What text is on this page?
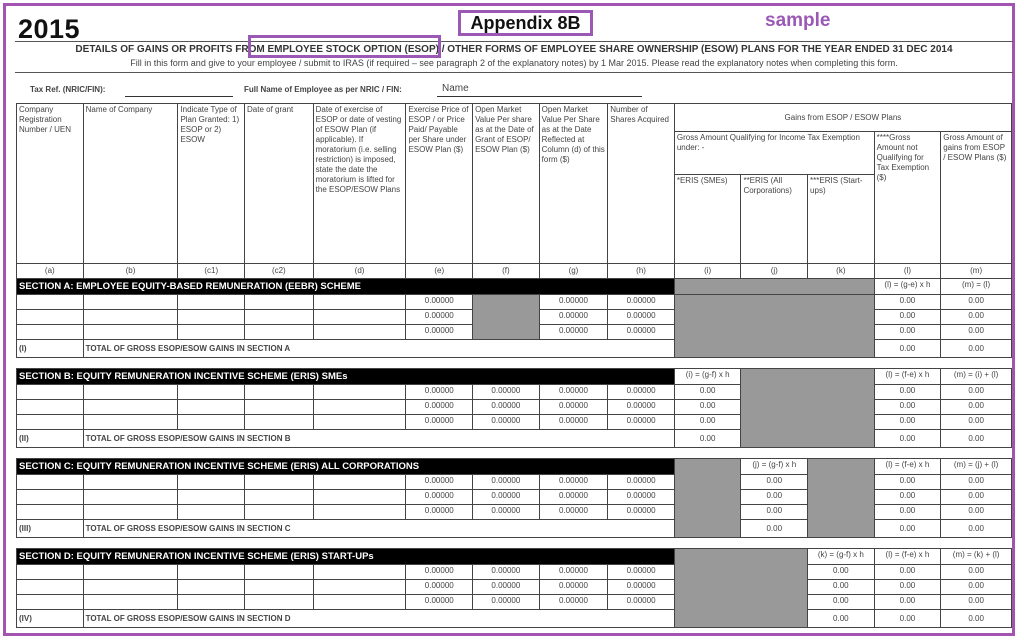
2015	Appendix 8B	sample
DETAILS OF GAINS OR PROFITS FROM EMPLOYEE STOCK OPTION (ESOP) / OTHER FORMS OF EMPLOYEE SHARE OWNERSHIP (ESOW) PLANS FOR THE YEAR ENDED 31 DEC 2014
Fill in this form and give to your employee / submit to IRAS (if required – see paragraph 2 of the explanatory notes) by 1 Mar 2015. Please read the explanatory notes when completing this form.
Tax Ref. (NRIC/FIN):	Full Name of Employee as per NRIC / FIN:	Name
Company Registration Number / UEN	Name of Company	Indicate Type of Plan Granted: 1) ESOP or 2) ESOW	Date of grant	Date of exercise of ESOP or date of vesting of ESOW Plan (if applicable). If moratorium (i.e. selling restriction) is imposed, state the date the moratorium is lifted for the ESOP/ESOW Plans	Exercise Price of ESOP / or Price Paid/ Payable per Share under ESOW Plan ($)	Open Market Value Per share as at the Date of Grant of ESOP/ ESOW Plan ($)	Open Market Value Per Share as at the Date Reflected at Column (d) of this form ($)	Number of Shares Acquired	Gains from ESOP / ESOW Plans				
									Gross Amount Qualifying for Income Tax Exemption under: -			****Gross Amount not Qualifying for Tax Exemption ($)	Gross Amount of gains from ESOP / ESOW Plans ($)
									*ERIS (SMEs)	**ERIS (All Corporations)	***ERIS (Start-ups)		
(a)	(b)	(c1)	(c2)	(d)	(e)	(f)	(g)	(h)	(i)	(j)	(k)	(l)	(m)
SECTION A: EMPLOYEE EQUITY-BASED REMUNERATION (EEBR) SCHEME												(l) = (g-e) x h	(m) = (l)
					0.00000		0.00000	0.00000				0.00	0.00
					0.00000		0.00000	0.00000				0.00	0.00
					0.00000		0.00000	0.00000				0.00	0.00
(I)	TOTAL OF GROSS ESOP/ESOW GAINS IN SECTION A											0.00	0.00

SECTION B: EQUITY REMUNERATION INCENTIVE SCHEME (ERIS) SMEs									(i) = (g-f) x h			(l) = (f-e) x h	(m) = (i) + (l)
					0.00000	0.00000	0.00000	0.00000	0.00			0.00	0.00
					0.00000	0.00000	0.00000	0.00000	0.00			0.00	0.00
					0.00000	0.00000	0.00000	0.00000	0.00			0.00	0.00
(II)	TOTAL OF GROSS ESOP/ESOW GAINS IN SECTION B								0.00			0.00	0.00

SECTION C: EQUITY REMUNERATION INCENTIVE SCHEME (ERIS) ALL CORPORATIONS										(j) = (g-f) x h		(l) = (f-e) x h	(m) = (j) + (l)
					0.00000	0.00000	0.00000	0.00000		0.00		0.00	0.00
					0.00000	0.00000	0.00000	0.00000		0.00		0.00	0.00
					0.00000	0.00000	0.00000	0.00000		0.00		0.00	0.00
(III)	TOTAL OF GROSS ESOP/ESOW GAINS IN SECTION C									0.00		0.00	0.00

SECTION D: EQUITY REMUNERATION INCENTIVE SCHEME (ERIS) START-UPs											(k) = (g-f) x h	(l) = (f-e) x h	(m) = (k) + (l)
					0.00000	0.00000	0.00000	0.00000			0.00	0.00	0.00
					0.00000	0.00000	0.00000	0.00000			0.00	0.00	0.00
					0.00000	0.00000	0.00000	0.00000			0.00	0.00	0.00
(IV)	TOTAL OF GROSS ESOP/ESOW GAINS IN SECTION D										0.00	0.00	0.00
